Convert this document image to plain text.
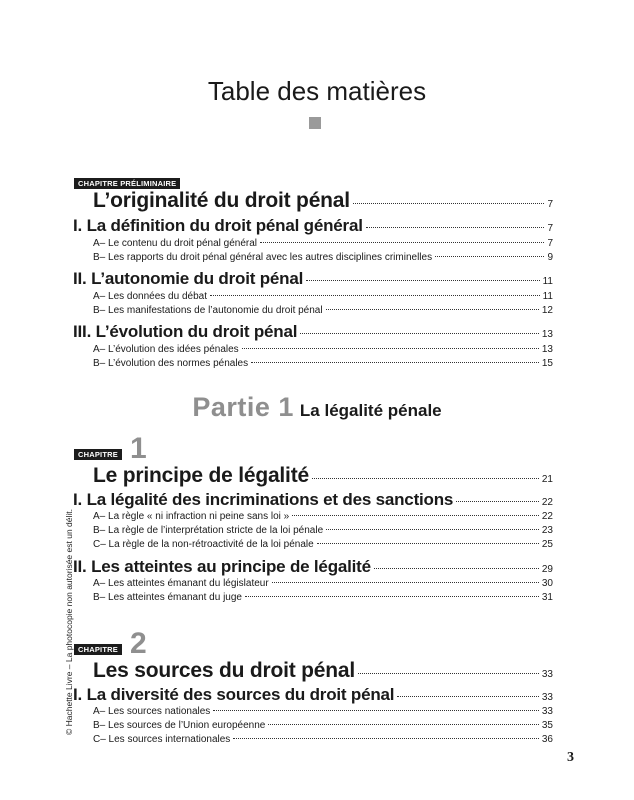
Table des matières
CHAPITRE PRÉLIMINAIRE
L’originalité du droit pénal	7
I. La définition du droit pénal général	7
A– Le contenu du droit pénal général	7
B– Les rapports du droit pénal général avec les autres disciplines criminelles	9
II. L’autonomie du droit pénal	11
A– Les données du débat	11
B– Les manifestations de l’autonomie du droit pénal	12
III. L’évolution du droit pénal	13
A– L’évolution des idées pénales	13
B– L’évolution des normes pénales	15
Partie 1 La légalité pénale
CHAPITRE 1
Le principe de légalité	21
I. La légalité des incriminations et des sanctions	22
A– La règle « ni infraction ni peine sans loi »	22
B– La règle de l’interprétation stricte de la loi pénale	23
C– La règle de la non-rétroactivité de la loi pénale	25
II. Les atteintes au principe de légalité	29
A– Les atteintes émanant du législateur	30
B– Les atteintes émanant du juge	31
CHAPITRE 2
Les sources du droit pénal	33
I. La diversité des sources du droit pénal	33
A– Les sources nationales	33
B– Les sources de l’Union européenne	35
C– Les sources internationales	36
© Hachette Livre – La photocopie non autorisée est un délit.
3
